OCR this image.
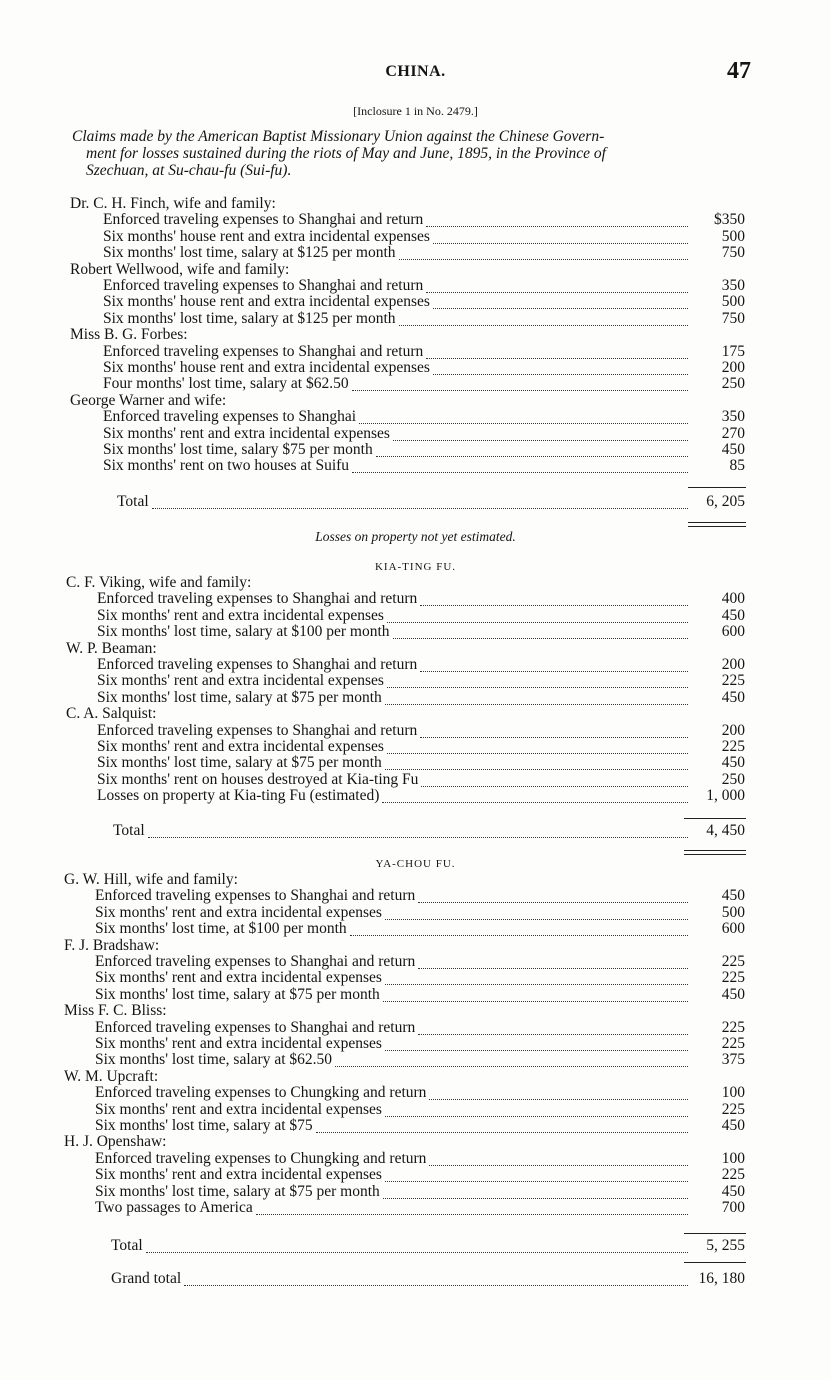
CHINA.	47
[Inclosure 1 in No. 2479.]
Claims made by the American Baptist Missionary Union against the Chinese Govern-
ment for losses sustained during the riots of May and June, 1895, in the Province of
Szechuan, at Su-chau-fu (Sui-fu).
Dr. C. H. Finch, wife and family:
Enforced traveling expenses to Shanghai and return	$350
Six months' house rent and extra incidental expenses	500
Six months' lost time, salary at $125 per month	750
Robert Wellwood, wife and family:
Enforced traveling expenses to Shanghai and return	350
Six months' house rent and extra incidental expenses	500
Six months' lost time, salary at $125 per month	750
Miss B. G. Forbes:
Enforced traveling expenses to Shanghai and return	175
Six months' house rent and extra incidental expenses	200
Four months' lost time, salary at $62.50	250
George Warner and wife:
Enforced traveling expenses to Shanghai	350
Six months' rent and extra incidental expenses	270
Six months' lost time, salary $75 per month	450
Six months' rent on two houses at Suifu	85
Total	6, 205
Losses on property not yet estimated.
KIA-TING FU.
C. F. Viking, wife and family:
Enforced traveling expenses to Shanghai and return	400
Six months' rent and extra incidental expenses	450
Six months' lost time, salary at $100 per month	600
W. P. Beaman:
Enforced traveling expenses to Shanghai and return	200
Six months' rent and extra incidental expenses	225
Six months' lost time, salary at $75 per month	450
C. A. Salquist:
Enforced traveling expenses to Shanghai and return	200
Six months' rent and extra incidental expenses	225
Six months' lost time, salary at $75 per month	450
Six months' rent on houses destroyed at Kia-ting Fu	250
Losses on property at Kia-ting Fu (estimated)	1, 000
Total	4, 450
YA-CHOU FU.
G. W. Hill, wife and family:
Enforced traveling expenses to Shanghai and return	450
Six months' rent and extra incidental expenses	500
Six months' lost time, at $100 per month	600
F. J. Bradshaw:
Enforced traveling expenses to Shanghai and return	225
Six months' rent and extra incidental expenses	225
Six months' lost time, salary at $75 per month	450
Miss F. C. Bliss:
Enforced traveling expenses to Shanghai and return	225
Six months' rent and extra incidental expenses	225
Six months' lost time, salary at $62.50	375
W. M. Upcraft:
Enforced traveling expenses to Chungking and return	100
Six months' rent and extra incidental expenses	225
Six months' lost time, salary at $75	450
H. J. Openshaw:
Enforced traveling expenses to Chungking and return	100
Six months' rent and extra incidental expenses	225
Six months' lost time, salary at $75 per month	450
Two passages to America	700
Total	5, 255
Grand total	16, 180
